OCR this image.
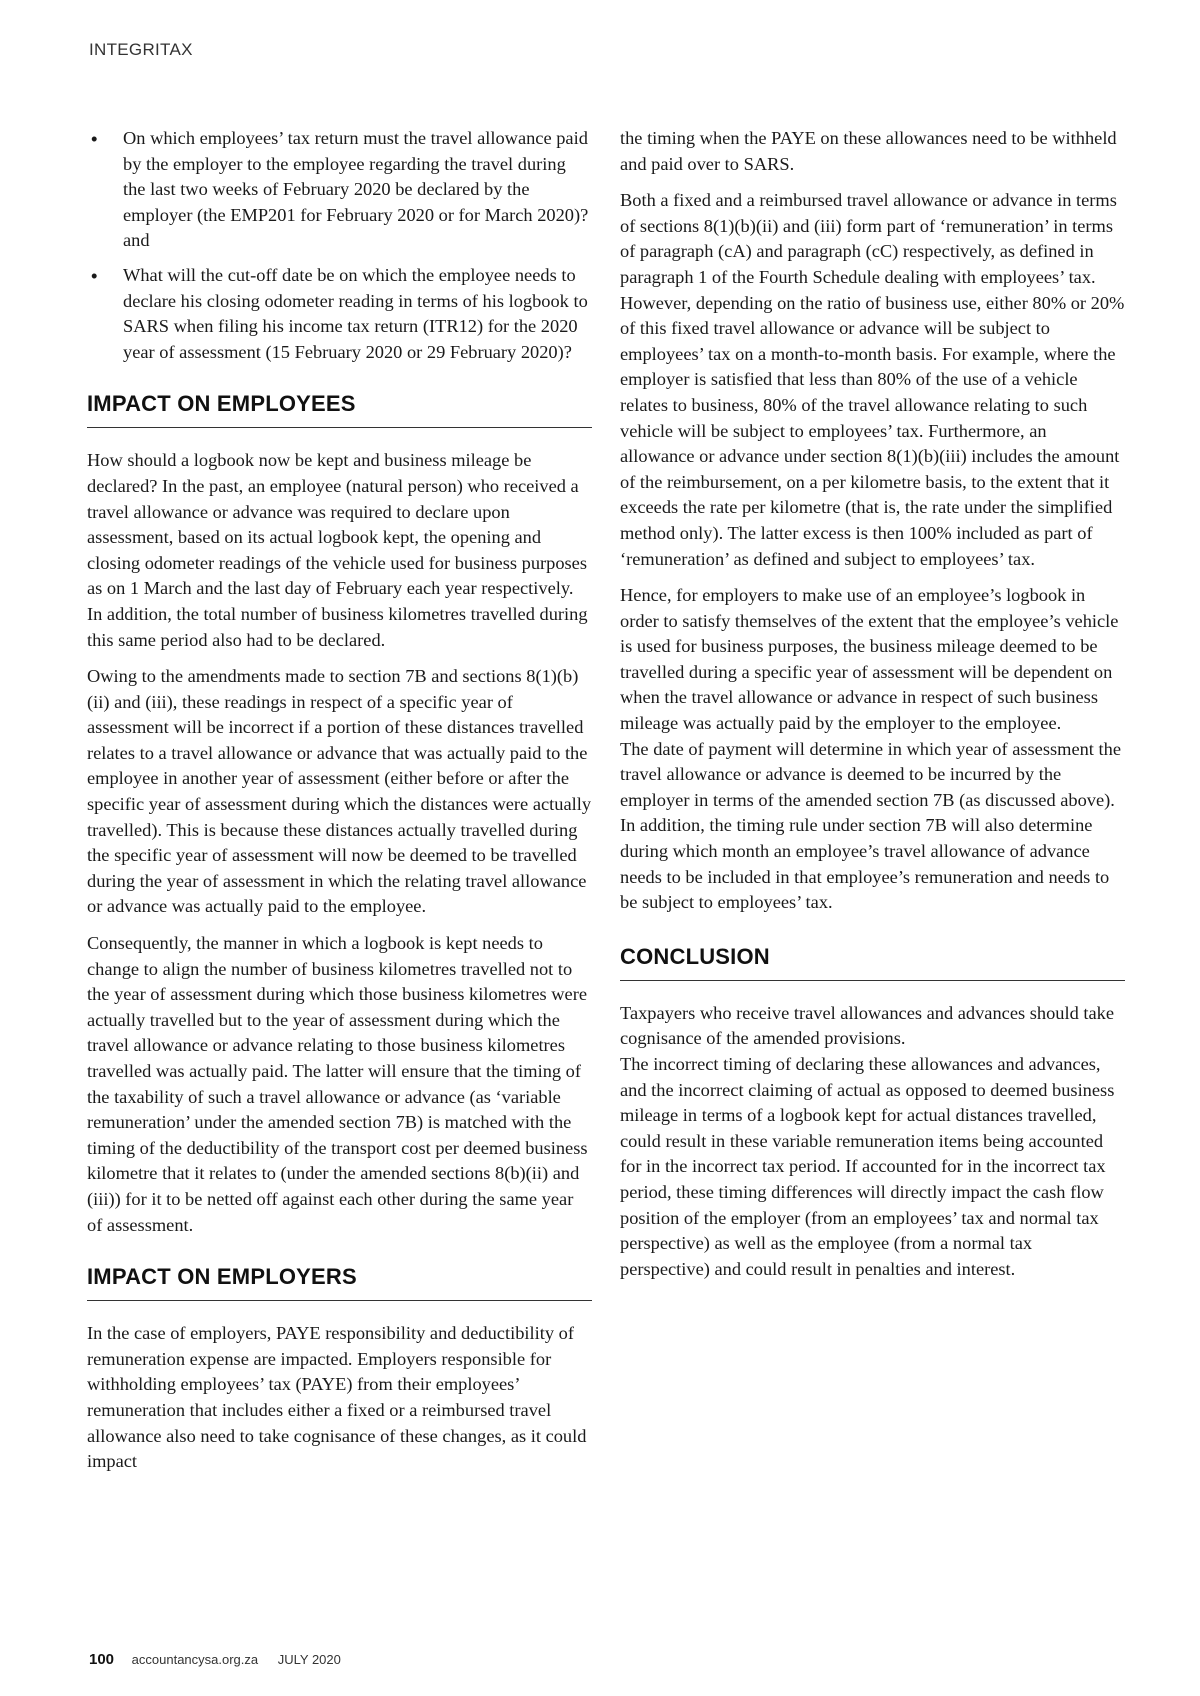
INTEGRITAX
• On which employees’ tax return must the travel allowance paid by the employer to the employee regarding the travel during the last two weeks of February 2020 be declared by the employer (the EMP201 for February 2020 or for March 2020)? and
• What will the cut-off date be on which the employee needs to declare his closing odometer reading in terms of his logbook to SARS when filing his income tax return (ITR12) for the 2020 year of assessment (15 February 2020 or 29 February 2020)?
IMPACT ON EMPLOYEES

How should a logbook now be kept and business mileage be declared? In the past, an employee (natural person) who received a travel allowance or advance was required to declare upon assessment, based on its actual logbook kept, the opening and closing odometer readings of the vehicle used for business purposes as on 1 March and the last day of February each year respectively. In addition, the total number of business kilometres travelled during this same period also had to be declared.

Owing to the amendments made to section 7B and sections 8(1)(b)(ii) and (iii), these readings in respect of a specific year of assessment will be incorrect if a portion of these distances travelled relates to a travel allowance or advance that was actually paid to the employee in another year of assessment (either before or after the specific year of assessment during which the distances were actually travelled). This is because these distances actually travelled during the specific year of assessment will now be deemed to be travelled during the year of assessment in which the relating travel allowance or advance was actually paid to the employee.

Consequently, the manner in which a logbook is kept needs to change to align the number of business kilometres travelled not to the year of assessment during which those business kilometres were actually travelled but to the year of assessment during which the travel allowance or advance relating to those business kilometres travelled was actually paid. The latter will ensure that the timing of the taxability of such a travel allowance or advance (as ‘variable remuneration’ under the amended section 7B) is matched with the timing of the deductibility of the transport cost per deemed business kilometre that it relates to (under the amended sections 8(b)(ii) and (iii)) for it to be netted off against each other during the same year of assessment.

IMPACT ON EMPLOYERS

In the case of employers, PAYE responsibility and deductibility of remuneration expense are impacted. Employers responsible for withholding employees’ tax (PAYE) from their employees’ remuneration that includes either a fixed or a reimbursed travel allowance also need to take cognisance of these changes, as it could impact

the timing when the PAYE on these allowances need to be withheld and paid over to SARS.

Both a fixed and a reimbursed travel allowance or advance in terms of sections 8(1)(b)(ii) and (iii) form part of ‘remuneration’ in terms of paragraph (cA) and paragraph (cC) respectively, as defined in paragraph 1 of the Fourth Schedule dealing with employees’ tax. However, depending on the ratio of business use, either 80% or 20% of this fixed travel allowance or advance will be subject to employees’ tax on a month-to-month basis. For example, where the employer is satisfied that less than 80% of the use of a vehicle relates to business, 80% of the travel allowance relating to such vehicle will be subject to employees’ tax. Furthermore, an allowance or advance under section 8(1)(b)(iii) includes the amount of the reimbursement, on a per kilometre basis, to the extent that it exceeds the rate per kilometre (that is, the rate under the simplified method only). The latter excess is then 100% included as part of ‘remuneration’ as defined and subject to employees’ tax.

Hence, for employers to make use of an employee’s logbook in order to satisfy themselves of the extent that the employee’s vehicle is used for business purposes, the business mileage deemed to be travelled during a specific year of assessment will be dependent on when the travel allowance or advance in respect of such business mileage was actually paid by the employer to the employee.

The date of payment will determine in which year of assessment the travel allowance or advance is deemed to be incurred by the employer in terms of the amended section 7B (as discussed above). In addition, the timing rule under section 7B will also determine during which month an employee’s travel allowance of advance needs to be included in that employee’s remuneration and needs to be subject to employees’ tax.

CONCLUSION

Taxpayers who receive travel allowances and advances should take cognisance of the amended provisions.

The incorrect timing of declaring these allowances and advances, and the incorrect claiming of actual as opposed to deemed business mileage in terms of a logbook kept for actual distances travelled, could result in these variable remuneration items being accounted for in the incorrect tax period. If accounted for in the incorrect tax period, these timing differences will directly impact the cash flow position of the employer (from an employees’ tax and normal tax perspective) as well as the employee (from a normal tax perspective) and could result in penalties and interest.

100 accountancysa.org.za JULY 2020
